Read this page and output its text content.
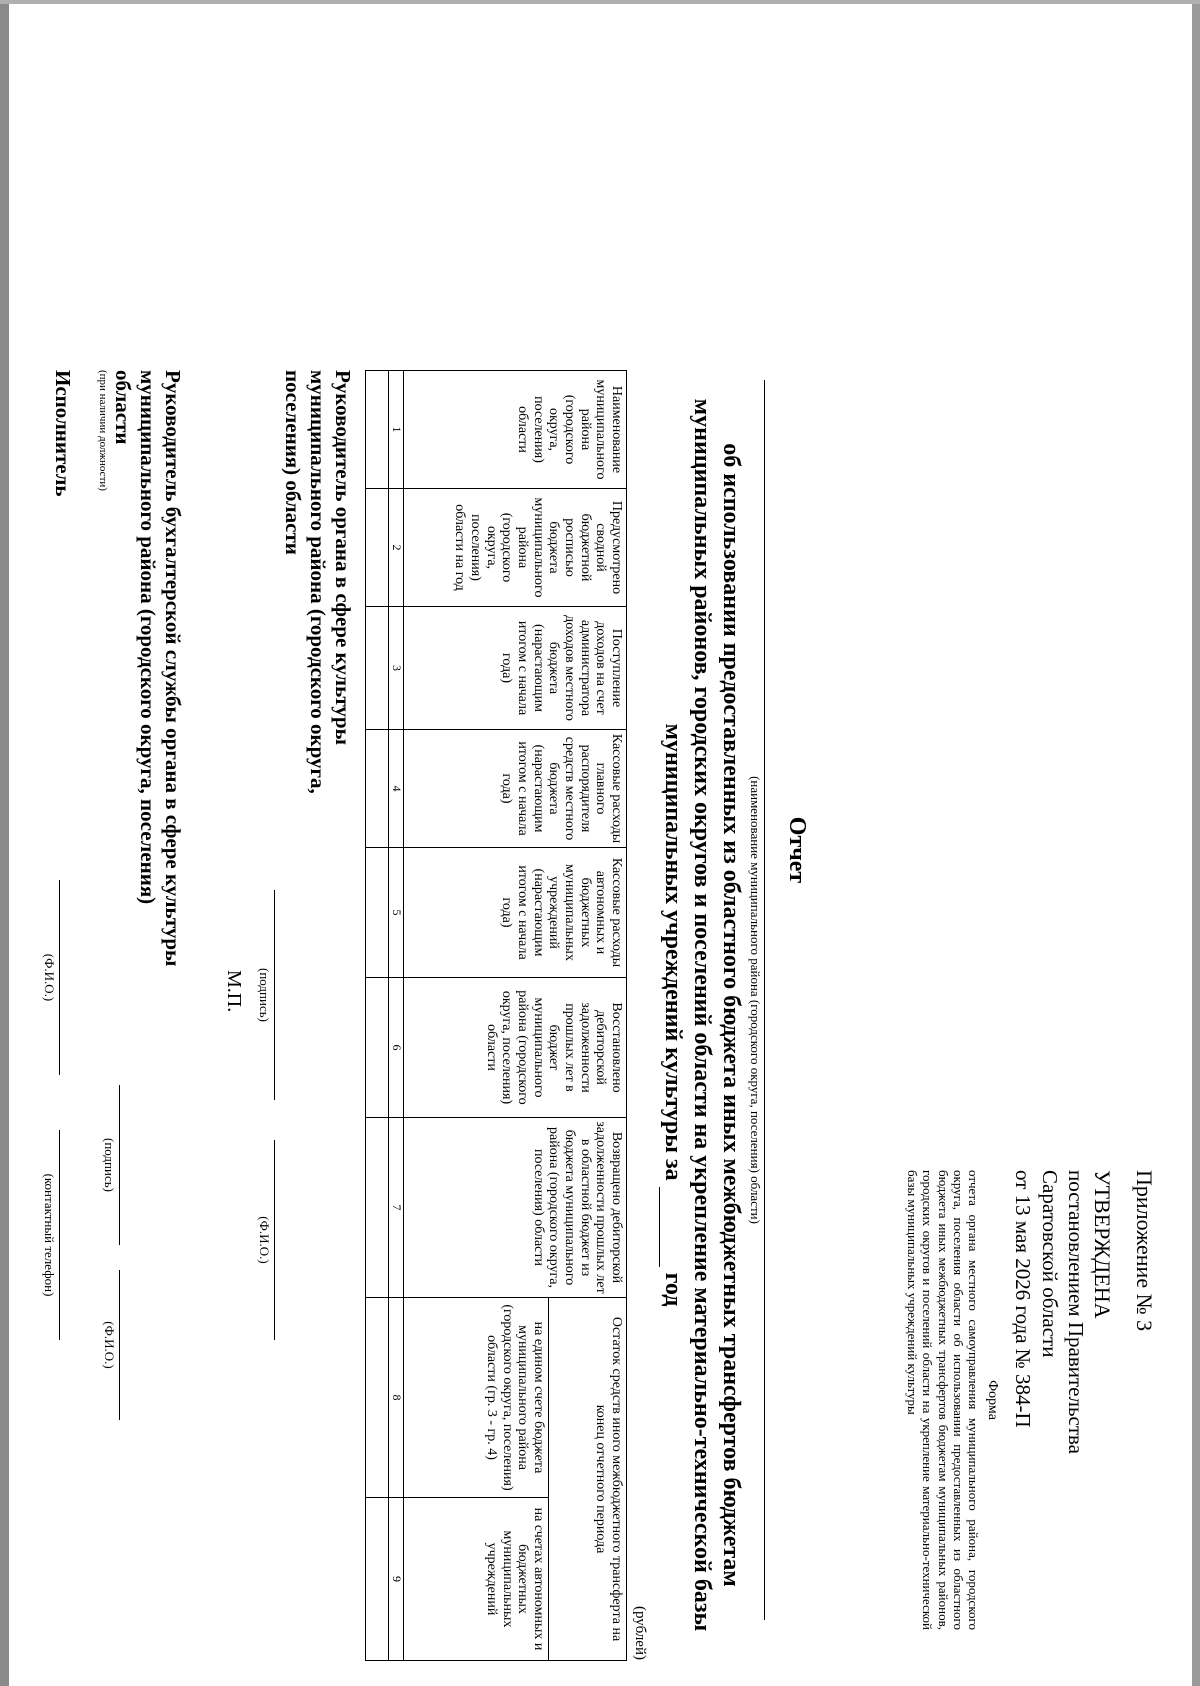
Приложение № 3
УТВЕРЖДЕНА
постановлением Правительства
Саратовской области
от 13 мая 2026 года № 384-П
Форма
отчета органа местного самоуправления муниципального района, городского округа, поселения области об использовании предоставленных из областного бюджета иных межбюджетных трансфертов бюджетам муниципальных районов, городских округов и поселений области на укрепление материально-технической базы муниципальных учреждений культуры
Отчет
(наименование муниципального района (городского округа, поселения) области)
об использовании предоставленных из областного бюджета иных межбюджетных трансфертов бюджетам
муниципальных районов, городских округов и поселений области на укрепление материально-технической базы
муниципальных учреждений культуры загод
(рублей)
Наименование муниципального района (городского округа, поселения) области	Предусмотрено сводной бюджетной росписью бюджета муниципального района (городского округа, поселения) области на год	Поступление доходов на счет администратора доходов местного бюджета (нарастающим итогом с начала года)	Кассовые расходы главного распорядителя средств местного бюджета (нарастающим итогом с начала года)	Кассовые расходы автономных и бюджетных муниципальных учреждений (нарастающим итогом с начала года)	Восстановлено дебиторской задолженности прошлых лет в бюджет муниципального района (городского округа, поселения) области	Возвращено дебиторской задолженности прошлых лет в областной бюджет из бюджета муниципального района (городского округа, поселения) области	Остаток средств иного межбюджетного трансферта на конец отчетного периода	
							на едином счете бюджета муниципального района (городского округа, поселения) области (гр. 3 - гр. 4)	на счетах автономных и бюджетных муниципальных учреждений
1	2	3	4	5	6	7	8	9

Руководитель органа в сфере культуры муниципального района (городского округа, поселения) области
М.П. (подпись)
(Ф.И.О.)
Руководитель бухгалтерской службы органа в сфере культуры муниципального района (городского округа, поселения) области
(при наличии должности)
(подпись)
(Ф.И.О.)
Исполнитель
(Ф.И.О.)
(контактный телефон)
